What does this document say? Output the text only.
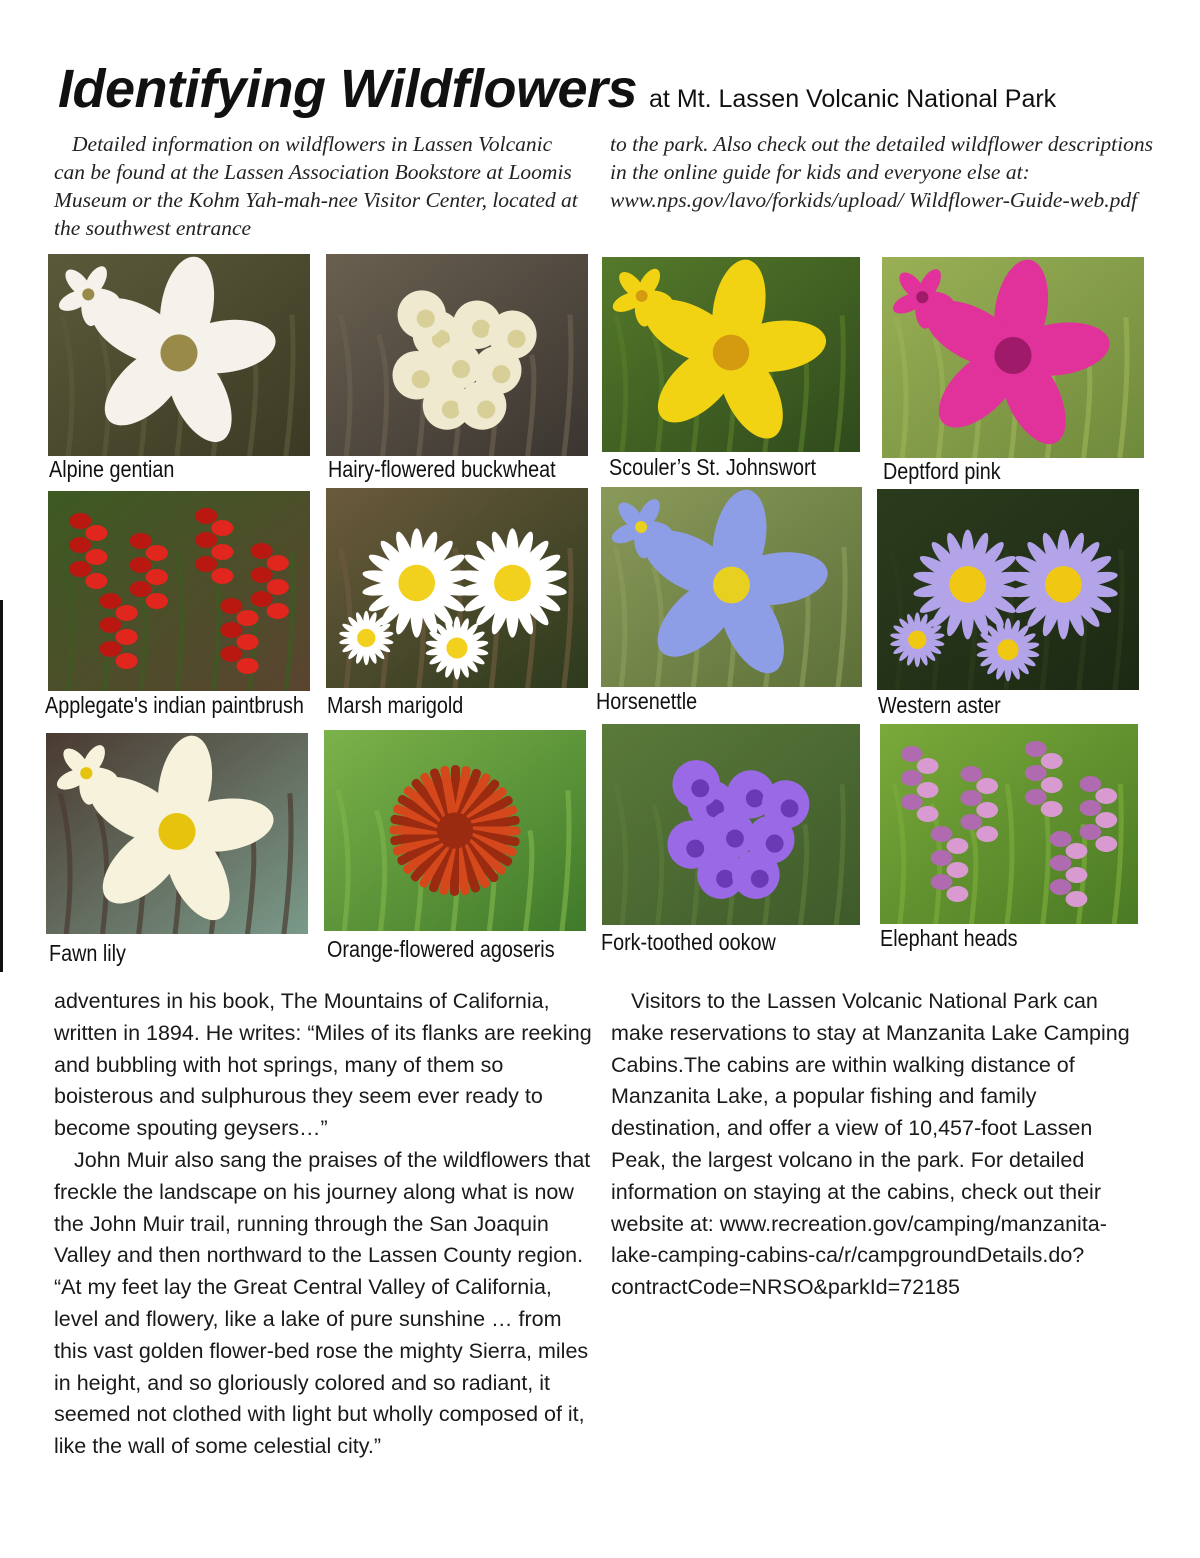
Identifying Wildflowers at Mt. Lassen Volcanic National Park

Detailed information on wildflowers in Lassen Volcanic can be found at the Lassen Association Bookstore at Loomis Museum or the Kohm Yah-mah-nee Visitor Center, located at the southwest entrance

to the park. Also check out the detailed wildflower descriptions in the online guide for kids and everyone else at: www.nps.gov/lavo/forkids/upload/ Wildflower-Guide-web.pdf

Alpine gentian	Hairy-flowered buckwheat Scouler’s St. Johnswort	Deptford pink

Applegate's indian paintbrush Marsh marigold	Horsenettle	Western aster

Fawn lily	Orange-flowered agoseris Fork-toothed ookow	Elephant heads

adventures in his book, The Mountains of California, written in 1894. He writes: “Miles of its flanks are reeking and bubbling with hot springs, many of them so boisterous and sulphurous they seem ever ready to become spouting geysers…”

John Muir also sang the praises of the wildflowers that freckle the landscape on his journey along what is now the John Muir trail, running through the San Joaquin Valley and then northward to the Lassen County region. “At my feet lay the Great Central Valley of California, level and flowery, like a lake of pure sunshine … from this vast golden flower-bed rose the mighty Sierra, miles in height, and so gloriously colored and so radiant, it seemed not clothed with light but wholly composed of it, like the wall of some celestial city.”

Visitors to the Lassen Volcanic National Park can make reservations to stay at Manzanita Lake Camping Cabins.The cabins are within walking distance of Manzanita Lake, a popular fishing and family destination, and offer a view of 10,457-foot Lassen Peak, the largest volcano in the park. For detailed information on staying at the cabins, check out their website at: www.recreation.gov/camping/manzanita-lake-camping-cabins-ca/r/campgroundDetails.do?contractCode=NRSO&parkId=72185
